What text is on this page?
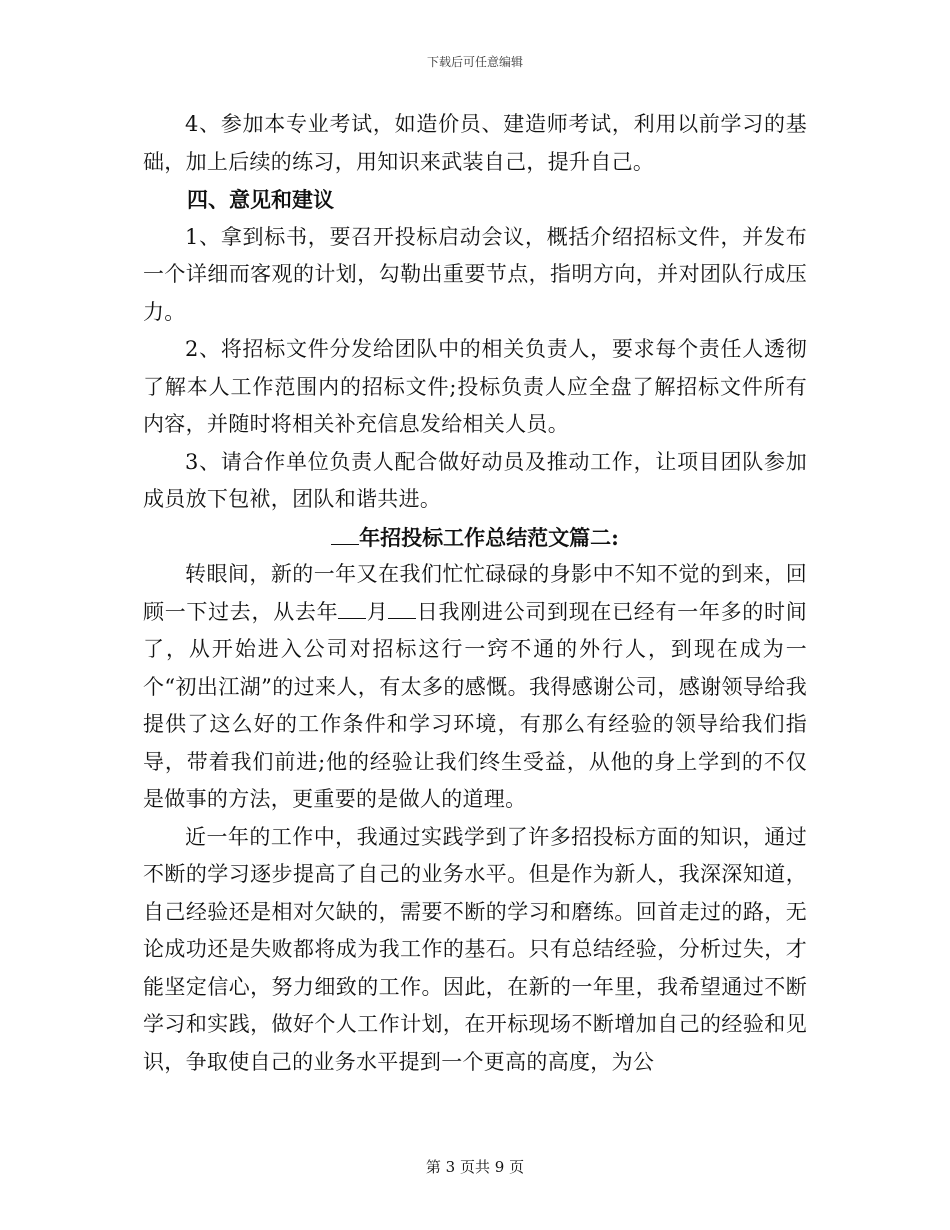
下载后可任意编辑

4、参加本专业考试，如造价员、建造师考试，利用以前学习的基础，加上后续的练习，用知识来武装自己，提升自己。

四、意见和建议

1、拿到标书，要召开投标启动会议，概括介绍招标文件，并发布一个详细而客观的计划，勾勒出重要节点，指明方向，并对团队行成压力。

2、将招标文件分发给团队中的相关负责人，要求每个责任人透彻了解本人工作范围内的招标文件;投标负责人应全盘了解招标文件所有内容，并随时将相关补充信息发给相关人员。

3、请合作单位负责人配合做好动员及推动工作，让项目团队参加成员放下包袱，团队和谐共进。

年招投标工作总结范文篇二:

转眼间，新的一年又在我们忙忙碌碌的身影中不知不觉的到来，回顾一下过去，从去年 月 日我刚进公司到现在已经有一年多的时间了，从开始进入公司对招标这行一窍不通的外行人，到现在成为一个“初出江湖”的过来人，有太多的感慨。我得感谢公司，感谢领导给我提供了这么好的工作条件和学习环境，有那么有经验的领导给我们指导，带着我们前进;他的经验让我们终生受益，从他的身上学到的不仅是做事的方法，更重要的是做人的道理。

近一年的工作中，我通过实践学到了许多招投标方面的知识，通过不断的学习逐步提高了自己的业务水平。但是作为新人，我深深知道，自己经验还是相对欠缺的，需要不断的学习和磨练。回首走过的路，无论成功还是失败都将成为我工作的基石。只有总结经验，分析过失，才能坚定信心，努力细致的工作。因此，在新的一年里，我希望通过不断学习和实践，做好个人工作计划，在开标现场不断增加自己的经验和见识，争取使自己的业务水平提到一个更高的高度，为公

第 3 页共 9 页
